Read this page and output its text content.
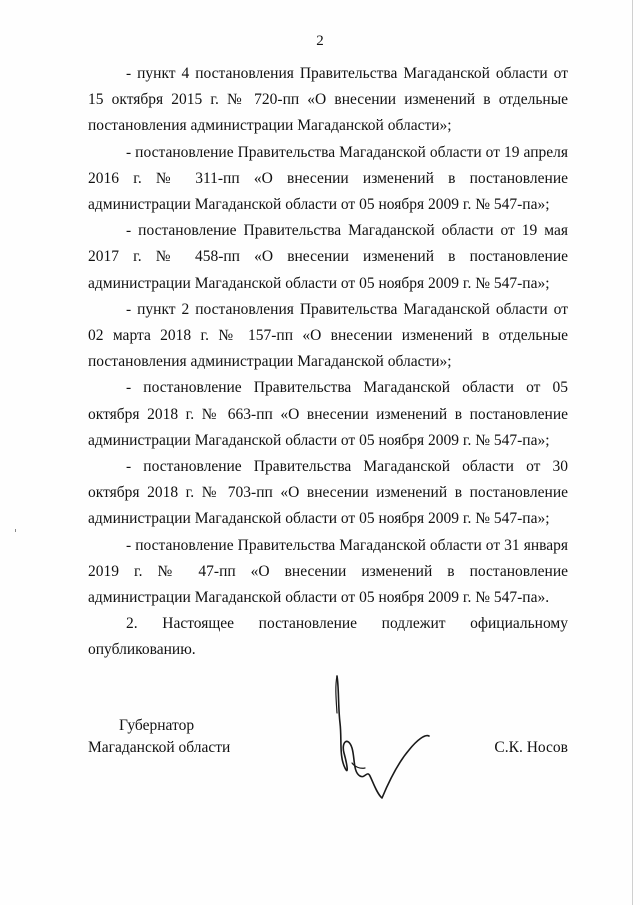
2

- пункт 4 постановления Правительства Магаданской области от 15 октября 2015 г. № 720-пп «О внесении изменений в отдельные постановления администрации Магаданской области»;

- постановление Правительства Магаданской области от 19 апреля 2016 г. № 311-пп «О внесении изменений в постановление администрации Магаданской области от 05 ноября 2009 г. № 547-па»;

- постановление Правительства Магаданской области от 19 мая 2017 г. № 458-пп «О внесении изменений в постановление администрации Магаданской области от 05 ноября 2009 г. № 547-па»;

- пункт 2 постановления Правительства Магаданской области от 02 марта 2018 г. № 157-пп «О внесении изменений в отдельные постановления администрации Магаданской области»;

- постановление Правительства Магаданской области от 05 октября 2018 г. № 663-пп «О внесении изменений в постановление администрации Магаданской области от 05 ноября 2009 г. № 547-па»;

- постановление Правительства Магаданской области от 30 октября 2018 г. № 703-пп «О внесении изменений в постановление администрации Магаданской области от 05 ноября 2009 г. № 547-па»;

- постановление Правительства Магаданской области от 31 января 2019 г. № 47-пп «О внесении изменений в постановление администрации Магаданской области от 05 ноября 2009 г. № 547-па».

2. Настоящее постановление подлежит официальному опубликованию.

Губернатор
Магаданской области	С.К. Носов
